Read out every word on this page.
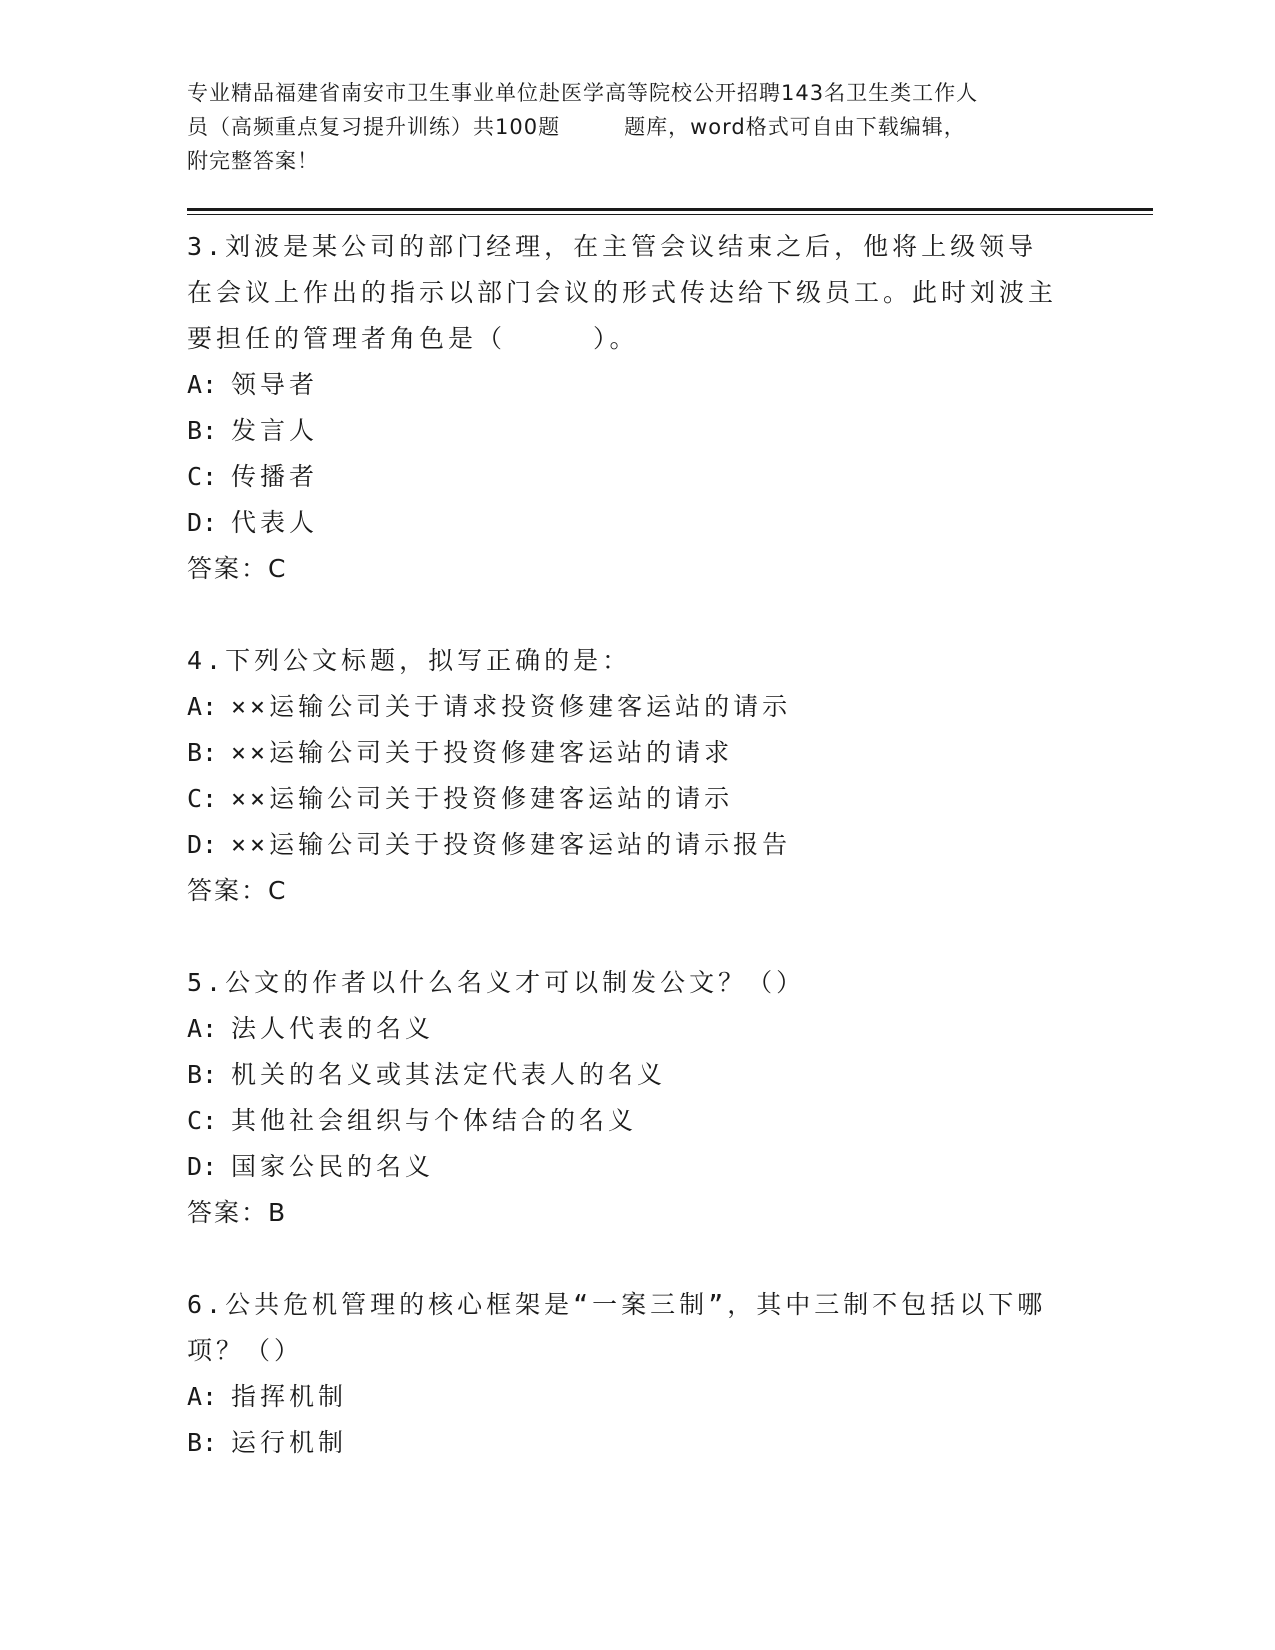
专业精品福建省南安市卫生事业单位赴医学高等院校公开招聘143名卫生类工作人
员（高频重点复习提升训练）共100题	题库，word格式可自由下载编辑，
附完整答案！
3.刘波是某公司的部门经理，在主管会议结束之后，他将上级领导在会议上作出的指示以部门会议的形式传达给下级员工。此时刘波主要担任的管理者角色是（　　　）。
A: 领导者
B: 发言人
C: 传播者
D: 代表人
答案：C
4.下列公文标题，拟写正确的是：
A: ××运输公司关于请求投资修建客运站的请示
B: ××运输公司关于投资修建客运站的请求
C: ××运输公司关于投资修建客运站的请示
D: ××运输公司关于投资修建客运站的请示报告
答案：C
5.公文的作者以什么名义才可以制发公文？（）
A: 法人代表的名义
B: 机关的名义或其法定代表人的名义
C: 其他社会组织与个体结合的名义
D: 国家公民的名义
答案：B
6.公共危机管理的核心框架是“一案三制”，其中三制不包括以下哪项？（）
A: 指挥机制
B: 运行机制
